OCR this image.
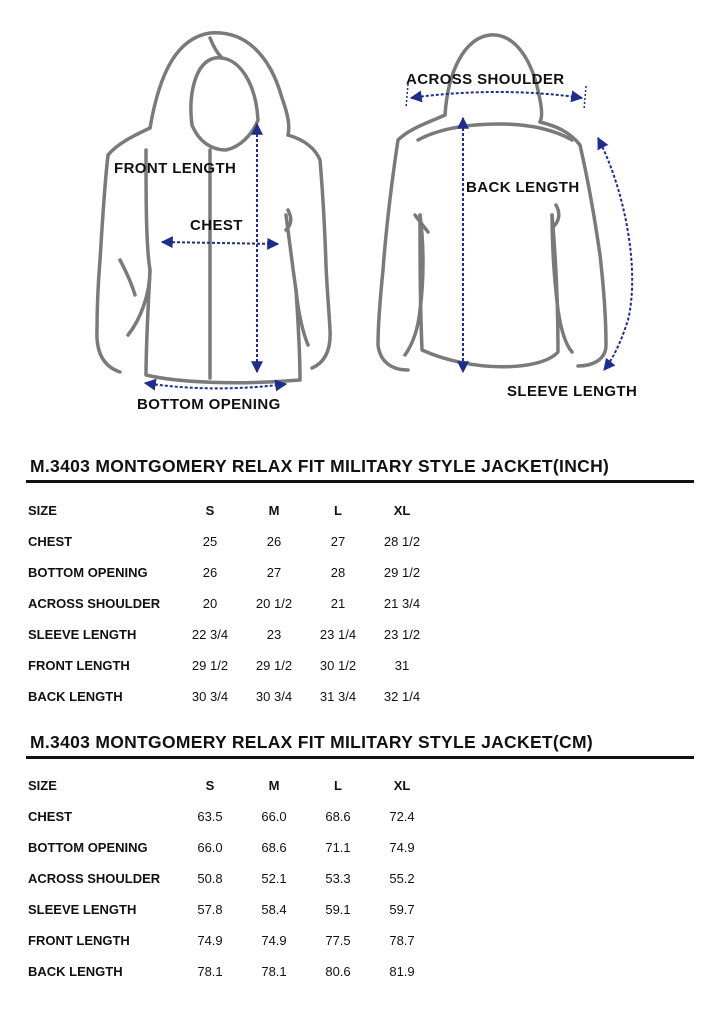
FRONT LENGTH
CHEST
BOTTOM OPENING
ACROSS SHOULDER
BACK LENGTH
SLEEVE LENGTH
M.3403 MONTGOMERY RELAX FIT MILITARY STYLE JACKET(INCH)
SIZE	S	M	L	XL
CHEST	25	26	27	28 1/2
BOTTOM OPENING	26	27	28	29 1/2
ACROSS SHOULDER	20	20 1/2	21	21 3/4
SLEEVE LENGTH	22 3/4	23	23 1/4	23 1/2
FRONT LENGTH	29 1/2	29 1/2	30 1/2	31
BACK LENGTH	30 3/4	30 3/4	31 3/4	32 1/4
M.3403 MONTGOMERY RELAX FIT MILITARY STYLE JACKET(CM)
SIZE	S	M	L	XL
CHEST	63.5	66.0	68.6	72.4
BOTTOM OPENING	66.0	68.6	71.1	74.9
ACROSS SHOULDER	50.8	52.1	53.3	55.2
SLEEVE LENGTH	57.8	58.4	59.1	59.7
FRONT LENGTH	74.9	74.9	77.5	78.7
BACK LENGTH	78.1	78.1	80.6	81.9
